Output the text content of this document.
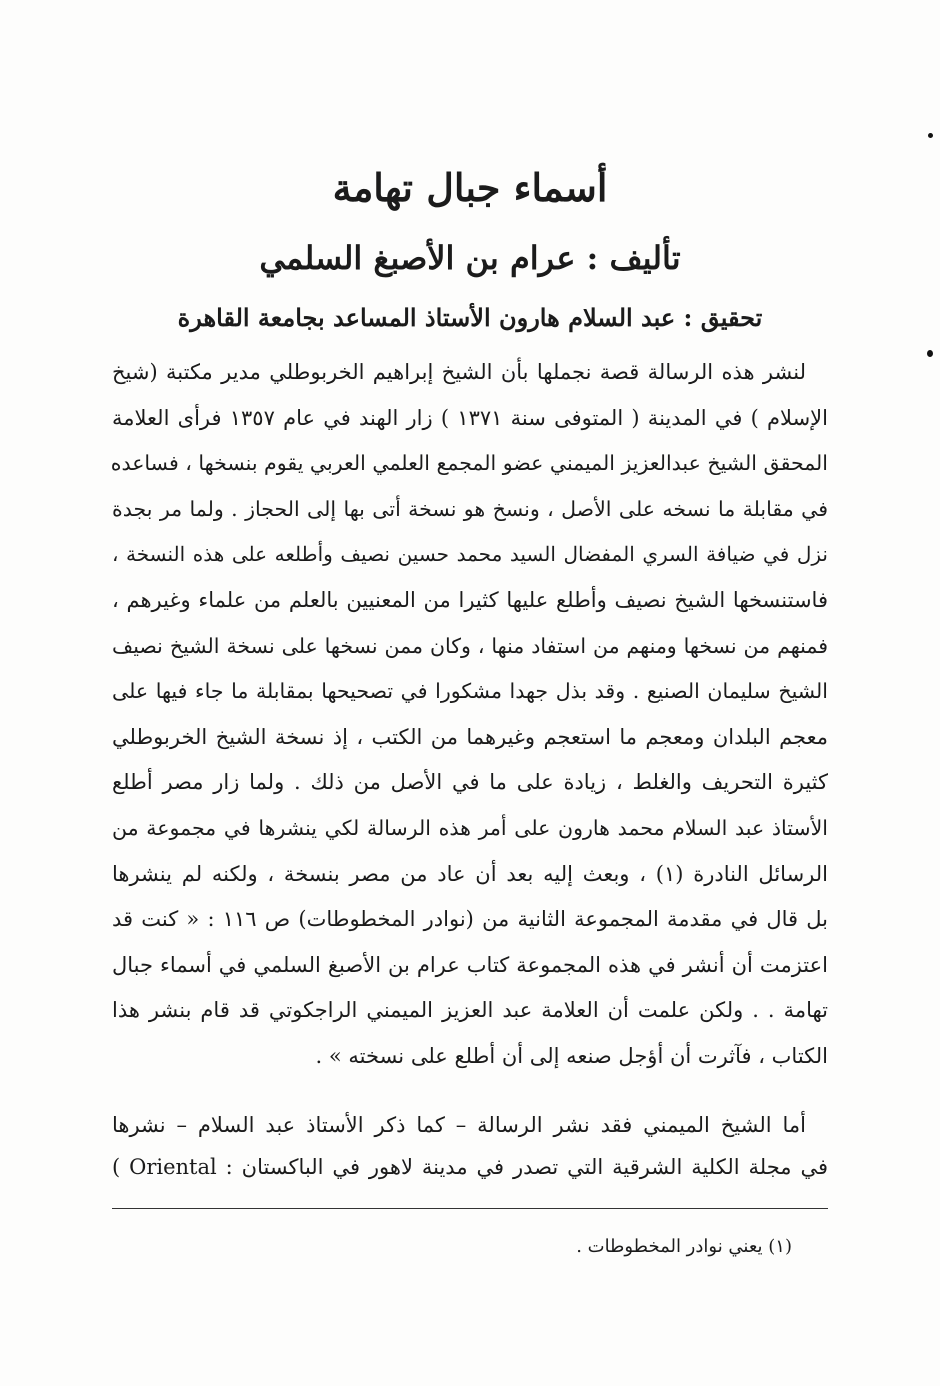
أسماء جبال تهامة
تأليف : عرام بن الأصبغ السلمي
تحقيق : عبد السلام هارون الأستاذ المساعد بجامعة القاهرة
لنشر هذه الرسالة قصة نجملها بأن الشيخ إبراهيم الخربوطلي مدير مكتبة (شيخ
الإسلام ) في المدينة ( المتوفى سنة ١٣٧١ ) زار الهند في عام ١٣٥٧ فرأى العلامة
المحقق الشيخ عبدالعزيز الميمني عضو المجمع العلمي العربي يقوم بنسخها ، فساعده
في مقابلة ما نسخه على الأصل ، ونسخ هو نسخة أتى بها إلى الحجاز . ولما مر بجدة
نزل في ضيافة السري المفضال السيد محمد حسين نصيف وأطلعه على هذه النسخة ،
فاستنسخها الشيخ نصيف وأطلع عليها كثيرا من المعنيين بالعلم من علماء وغيرهم ،
فمنهم من نسخها ومنهم من استفاد منها ، وكان ممن نسخها على نسخة الشيخ نصيف
الشيخ سليمان الصنيع . وقد بذل جهدا مشكورا في تصحيحها بمقابلة ما جاء فيها على
معجم البلدان ومعجم ما استعجم وغيرهما من الكتب ، إذ نسخة الشيخ الخربوطلي
كثيرة التحريف والغلط ، زيادة على ما في الأصل من ذلك . ولما زار مصر أطلع
الأستاذ عبد السلام محمد هارون على أمر هذه الرسالة لكي ينشرها في مجموعة من
الرسائل النادرة (١) ، وبعث إليه بعد أن عاد من مصر بنسخة ، ولكنه لم ينشرها
بل قال في مقدمة المجموعة الثانية من (نوادر المخطوطات) ص ١١٦ : « كنت قد
اعتزمت أن أنشر في هذه المجموعة كتاب عرام بن الأصبغ السلمي في أسماء جبال
تهامة . . ولكن علمت أن العلامة عبد العزيز الميمني الراجكوتي قد قام بنشر هذا
الكتاب ، فآثرت أن أؤجل صنعه إلى أن أطلع على نسخته » .
أما الشيخ الميمني فقد نشر الرسالة – كما ذكر الأستاذ عبد السلام – نشرها
في مجلة الكلية الشرقية التي تصدر في مدينة لاهور في الباكستان : Oriental )
(١) يعني نوادر المخطوطات .
